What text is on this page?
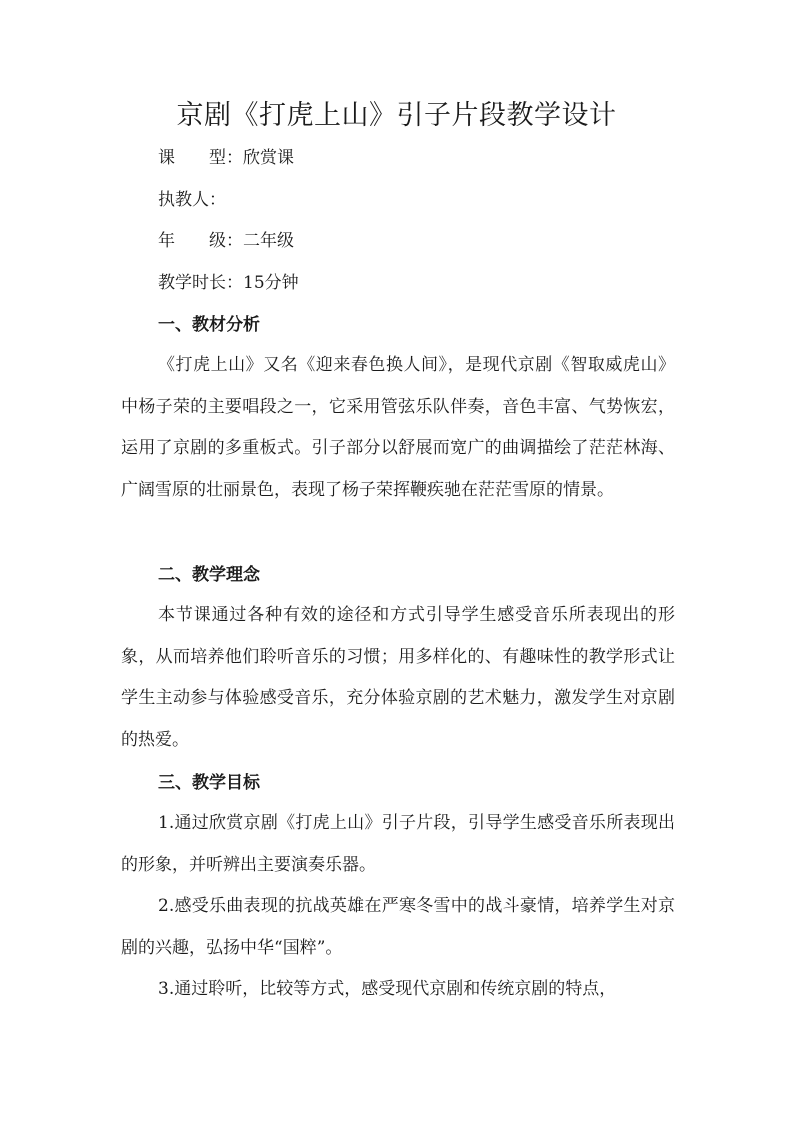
京剧《打虎上山》引子片段教学设计

课 型：欣赏课

执教人：

年 级：二年级

教学时长：15分钟

一、教材分析

《打虎上山》又名《迎来春色换人间》，是现代京剧《智取威虎山》中杨子荣的主要唱段之一，它采用管弦乐队伴奏，音色丰富、气势恢宏，运用了京剧的多重板式。引子部分以舒展而宽广的曲调描绘了茫茫林海、广阔雪原的壮丽景色，表现了杨子荣挥鞭疾驰在茫茫雪原的情景。

二、教学理念

本节课通过各种有效的途径和方式引导学生感受音乐所表现出的形象，从而培养他们聆听音乐的习惯；用多样化的、有趣味性的教学形式让学生主动参与体验感受音乐，充分体验京剧的艺术魅力，激发学生对京剧的热爱。

三、教学目标

1.通过欣赏京剧《打虎上山》引子片段，引导学生感受音乐所表现出的形象，并听辨出主要演奏乐器。

2.感受乐曲表现的抗战英雄在严寒冬雪中的战斗豪情，培养学生对京剧的兴趣，弘扬中华“国粹”。

3.通过聆听，比较等方式，感受现代京剧和传统京剧的特点，
